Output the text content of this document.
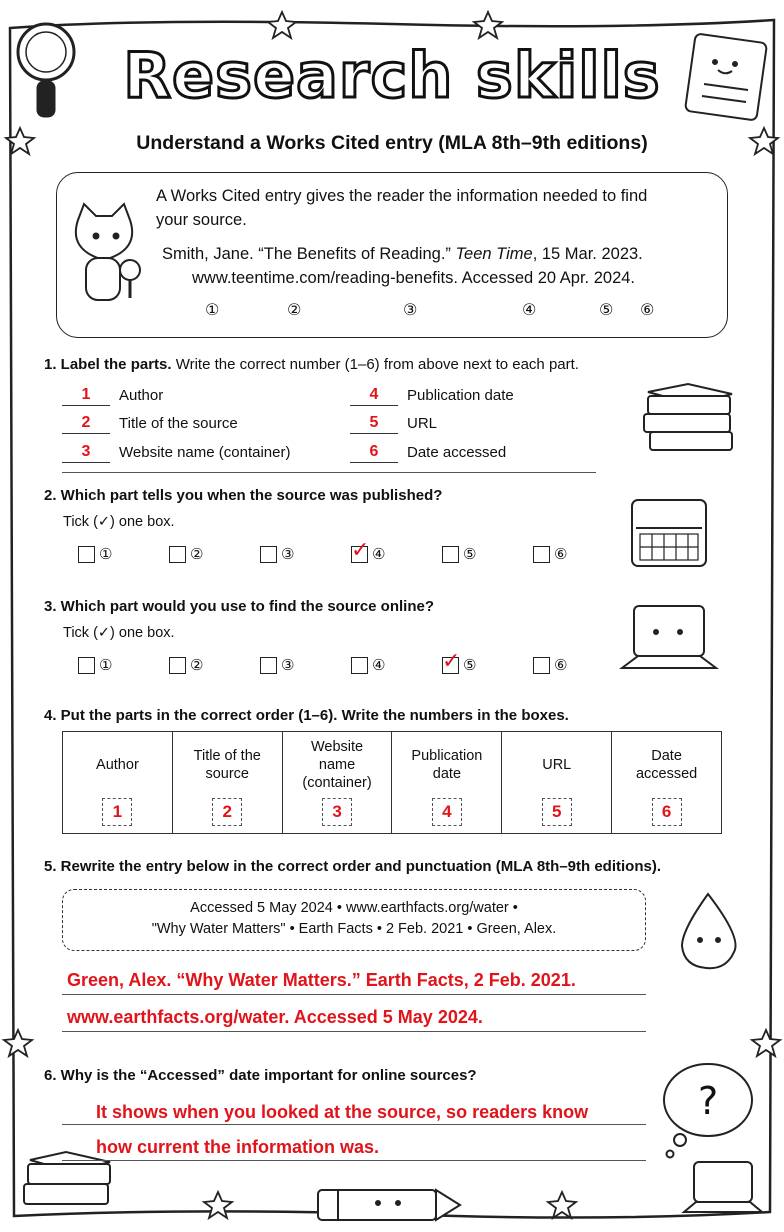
?
Research skills
Understand a Works Cited entry (MLA 8th–9th editions)
A Works Cited entry gives the reader the information needed to find your source.
Smith, Jane. “The Benefits of Reading.” Teen Time, 15 Mar. 2023.
www.teentime.com/reading-benefits. Accessed 20 Apr. 2024.
①	②	③	④	⑤ ⑥
1. Label the parts. Write the correct number (1–6) from above next to each part.
1	Author
2	Title of the source
3	Website name (container)
4	Publication date
5	URL
6	Date accessed
2. Which part tells you when the source was published?
Tick (✓) one box.
①	②	③	✓ ④	⑤	⑥
3. Which part would you use to find the source online?
Tick (✓) one box.
①	②	③	④	✓ ⑤	⑥
4. Put the parts in the correct order (1–6). Write the numbers in the boxes.
Author
1

Title of the source
2

Website name (container)
3

Publication date
4

URL
5

Date accessed
6
5. Rewrite the entry below in the correct order and punctuation (MLA 8th–9th editions).
Accessed 5 May 2024 • www.earthfacts.org/water •
"Why Water Matters" • Earth Facts • 2 Feb. 2021 • Green, Alex.
Green, Alex. “Why Water Matters.” Earth Facts, 2 Feb. 2021.
www.earthfacts.org/water. Accessed 5 May 2024.
6. Why is the “Accessed” date important for online sources?
It shows when you looked at the source, so readers know
how current the information was.
